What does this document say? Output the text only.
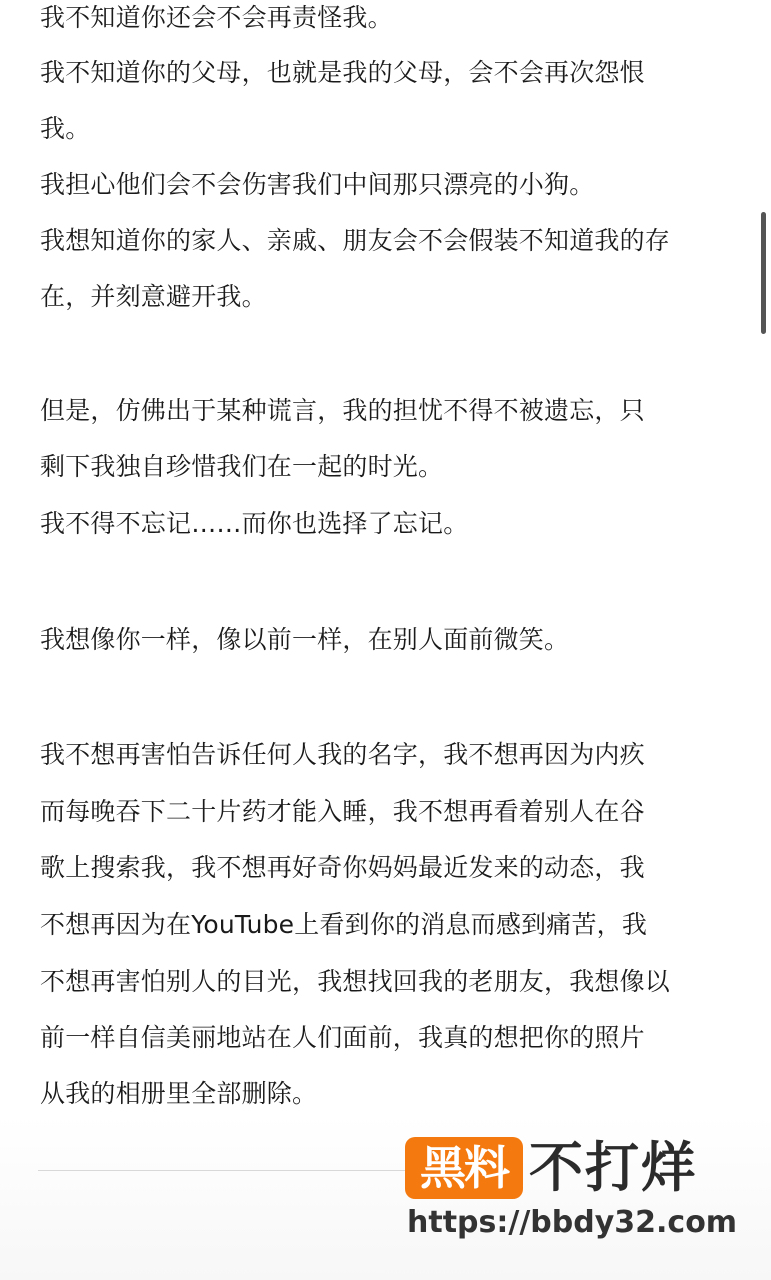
我不知道你还会不会再责怪我。
我不知道你的父母，也就是我的父母，会不会再次怨恨
我。
我担心他们会不会伤害我们中间那只漂亮的小狗。
我想知道你的家人、亲戚、朋友会不会假装不知道我的存
在，并刻意避开我。
但是，仿佛出于某种谎言，我的担忧不得不被遗忘，只
剩下我独自珍惜我们在一起的时光。
我不得不忘记……而你也选择了忘记。
我想像你一样，像以前一样，在别人面前微笑。
我不想再害怕告诉任何人我的名字，我不想再因为内疚
而每晚吞下二十片药才能入睡，我不想再看着别人在谷
歌上搜索我，我不想再好奇你妈妈最近发来的动态，我
不想再因为在YouTube上看到你的消息而感到痛苦，我
不想再害怕别人的目光，我想找回我的老朋友，我想像以
前一样自信美丽地站在人们面前，我真的想把你的照片
从我的相册里全部删除。
黑料 不打烊
https://bbdy32.com
